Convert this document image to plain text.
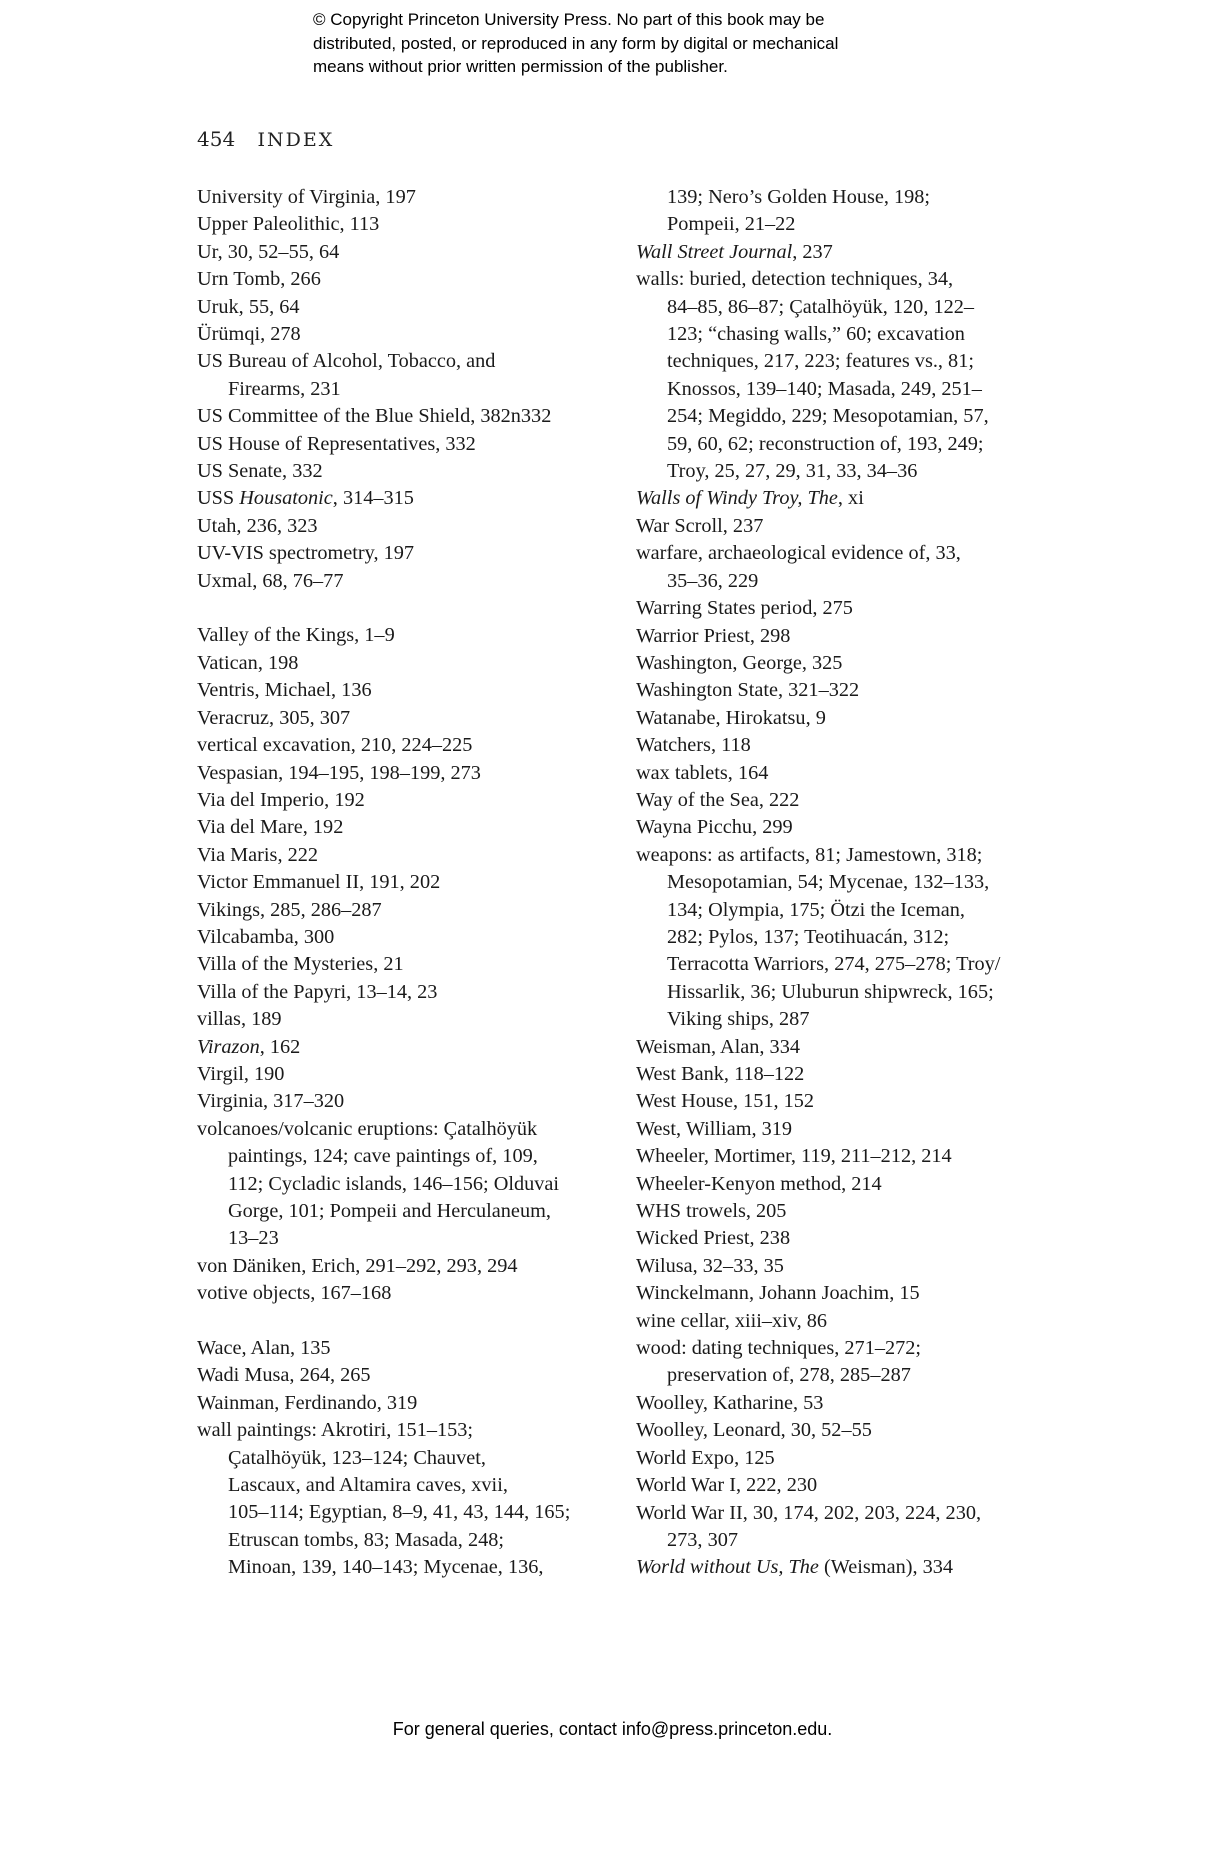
© Copyright Princeton University Press. No part of this book may be
distributed, posted, or reproduced in any form by digital or mechanical
means without prior written permission of the publisher.
454 INDEX
University of Virginia, 197
Upper Paleolithic, 113
Ur, 30, 52–55, 64
Urn Tomb, 266
Uruk, 55, 64
Ürümqi, 278
US Bureau of Alcohol, Tobacco, and
Firearms, 231
US Committee of the Blue Shield, 382n332
US House of Representatives, 332
US Senate, 332
USS Housatonic, 314–315
Utah, 236, 323
UV-VIS spectrometry, 197
Uxmal, 68, 76–77
Valley of the Kings, 1–9
Vatican, 198
Ventris, Michael, 136
Veracruz, 305, 307
vertical excavation, 210, 224–225
Vespasian, 194–195, 198–199, 273
Via del Imperio, 192
Via del Mare, 192
Via Maris, 222
Victor Emmanuel II, 191, 202
Vikings, 285, 286–287
Vilcabamba, 300
Villa of the Mysteries, 21
Villa of the Papyri, 13–14, 23
villas, 189
Virazon, 162
Virgil, 190
Virginia, 317–320
volcanoes/volcanic eruptions: Çatalhöyük
paintings, 124; cave paintings of, 109,
112; Cycladic islands, 146–156; Olduvai
Gorge, 101; Pompeii and Herculaneum,
13–23
von Däniken, Erich, 291–292, 293, 294
votive objects, 167–168
Wace, Alan, 135
Wadi Musa, 264, 265
Wainman, Ferdinando, 319
wall paintings: Akrotiri, 151–153;
Çatalhöyük, 123–124; Chauvet,
Lascaux, and Altamira caves, xvii,
105–114; Egyptian, 8–9, 41, 43, 144, 165;
Etruscan tombs, 83; Masada, 248;
Minoan, 139, 140–143; Mycenae, 136,
139; Nero’s Golden House, 198;
Pompeii, 21–22
Wall Street Journal, 237
walls: buried, detection techniques, 34,
84–85, 86–87; Çatalhöyük, 120, 122–
123; “chasing walls,” 60; excavation
techniques, 217, 223; features vs., 81;
Knossos, 139–140; Masada, 249, 251–
254; Megiddo, 229; Mesopotamian, 57,
59, 60, 62; reconstruction of, 193, 249;
Troy, 25, 27, 29, 31, 33, 34–36
Walls of Windy Troy, The, xi
War Scroll, 237
warfare, archaeological evidence of, 33,
35–36, 229
Warring States period, 275
Warrior Priest, 298
Washington, George, 325
Washington State, 321–322
Watanabe, Hirokatsu, 9
Watchers, 118
wax tablets, 164
Way of the Sea, 222
Wayna Picchu, 299
weapons: as artifacts, 81; Jamestown, 318;
Mesopotamian, 54; Mycenae, 132–133,
134; Olympia, 175; Ötzi the Iceman,
282; Pylos, 137; Teotihuacán, 312;
Terracotta Warriors, 274, 275–278; Troy/
Hissarlik, 36; Uluburun shipwreck, 165;
Viking ships, 287
Weisman, Alan, 334
West Bank, 118–122
West House, 151, 152
West, William, 319
Wheeler, Mortimer, 119, 211–212, 214
Wheeler-Kenyon method, 214
WHS trowels, 205
Wicked Priest, 238
Wilusa, 32–33, 35
Winckelmann, Johann Joachim, 15
wine cellar, xiii–xiv, 86
wood: dating techniques, 271–272;
preservation of, 278, 285–287
Woolley, Katharine, 53
Woolley, Leonard, 30, 52–55
World Expo, 125
World War I, 222, 230
World War II, 30, 174, 202, 203, 224, 230,
273, 307
World without Us, The (Weisman), 334
For general queries, contact info@press.princeton.edu.
